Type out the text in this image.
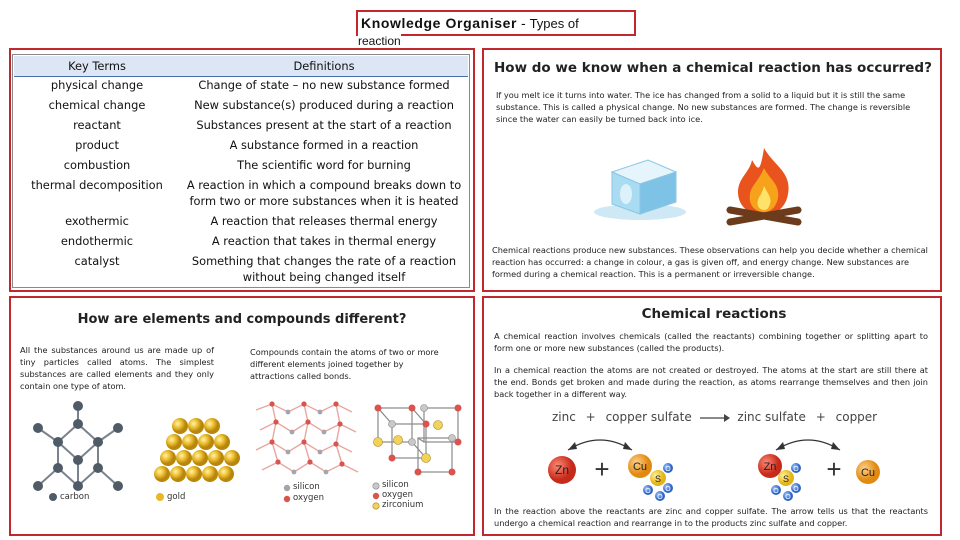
Knowledge Organiser - Types of
reaction
Key Terms	Definitions
physical change	Change of state – no new substance formed
chemical change	New substance(s) produced during a reaction
reactant	Substances present at the start of a reaction
product	A substance formed in a reaction
combustion	The scientific word for burning
thermal decomposition	A reaction in which a compound breaks down to form two or more substances when it is heated
exothermic	A reaction that releases thermal energy
endothermic	A reaction that takes in thermal energy
catalyst	Something that changes the rate of a reaction without being changed itself
How are elements and compounds different?
All the substances around us are made up of tiny particles called atoms. The simplest substances are called elements and they only contain one type of atom.
Compounds contain the atoms of two or more different elements joined together by attractions called bonds.
carbon	gold
silicon
oxygen
silicon
oxygen
zirconium
How do we know when a chemical reaction has occurred?
If you melt ice it turns into water. The ice has changed from a solid to a liquid but it is still the same substance. This is called a physical change. No new substances are formed. The change is reversible since the water can easily be turned back into ice.
Chemical reactions produce new substances. These observations can help you decide whether a chemical reaction has occurred: a change in colour, a gas is given off, and energy change. New substances are formed during a chemical reaction. This is a permanent or irreversible change.
Chemical reactions
A chemical reaction involves chemicals (called the reactants) combining together or splitting apart to form one or more new substances (called the products).
In a chemical reaction the atoms are not created or destroyed. The atoms at the start are still there at the end. Bonds get broken and made during the reaction, as atoms rearrange themselves and then join back together in a different way.
zinc + copper sulfate → zinc sulfate + copper
Zn + Cu
S
O
O
O
O
Zn
S
O
O
O
O
+ Cu
In the reaction above the reactants are zinc and copper sulfate. The arrow tells us that the reactants undergo a chemical reaction and rearrange in to the products zinc sulfate and copper.
